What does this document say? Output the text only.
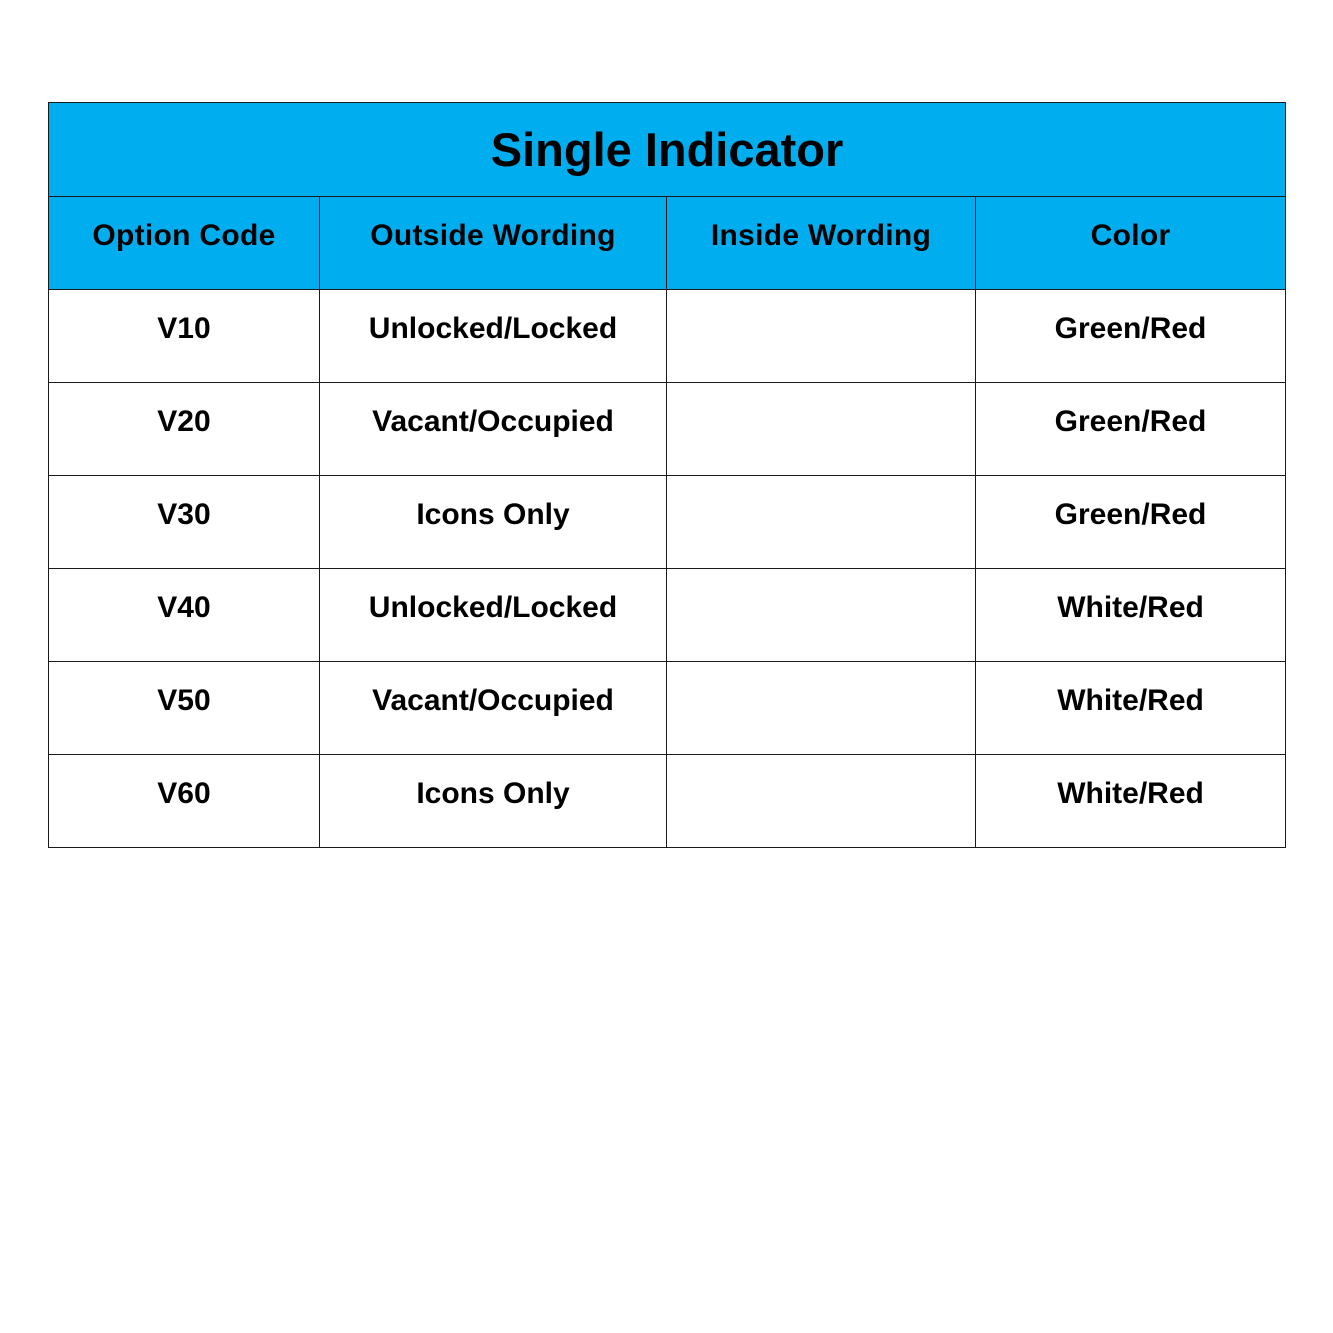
Single Indicator			
Option Code	Outside Wording	Inside Wording	Color
V10	Unlocked/Locked		Green/Red
V20	Vacant/Occupied		Green/Red
V30	Icons Only		Green/Red
V40	Unlocked/Locked		White/Red
V50	Vacant/Occupied		White/Red
V60	Icons Only		White/Red
